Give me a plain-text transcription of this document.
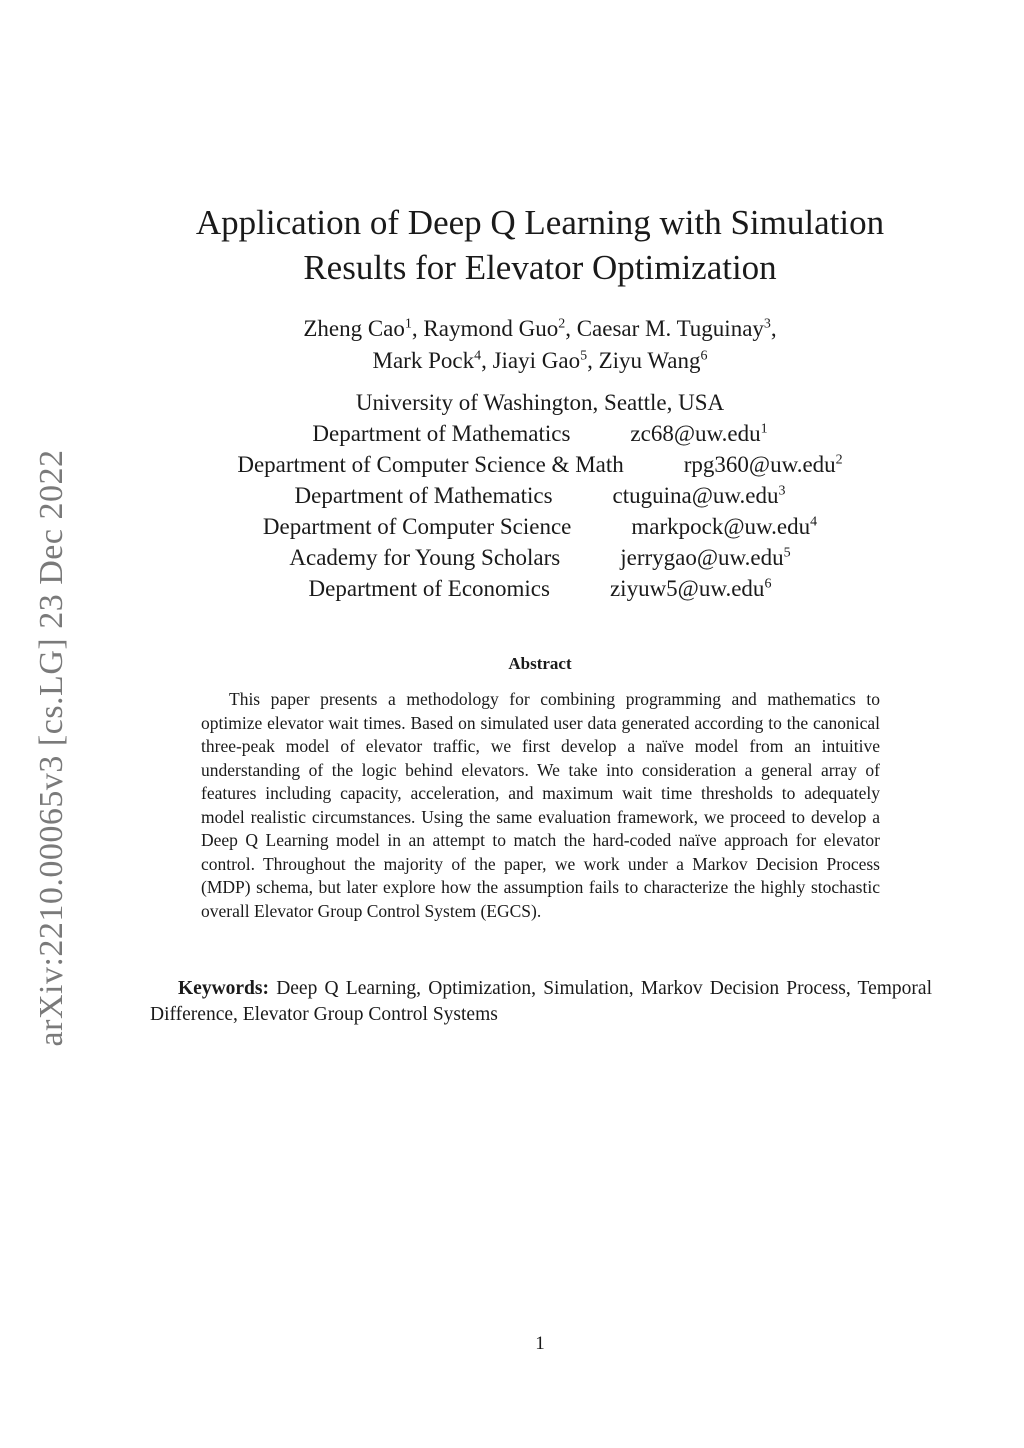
arXiv:2210.00065v3 [cs.LG] 23 Dec 2022
Application of Deep Q Learning with Simulation
Results for Elevator Optimization
Zheng Cao$^1$, Raymond Guo$^2$, Caesar M. Tuguinay$^3$,
Mark Pock$^4$, Jiayi Gao$^5$, Ziyu Wang$^6$
University of Washington, Seattle, USA
Department of Mathematics	zc68@uw.edu$^1$
Department of Computer Science & Math	rpg360@uw.edu$^2$
Department of Mathematics	ctuguina@uw.edu$^3$
Department of Computer Science	markpock@uw.edu$^4$
Academy for Young Scholars	jerrygao@uw.edu$^5$
Department of Economics	ziyuw5@uw.edu$^6$
Abstract
This paper presents a methodology for combining programming and mathematics to optimize elevator wait times. Based on simulated user data generated according to the canonical three-peak model of elevator traffic, we first develop a naïve model from an intuitive understanding of the logic behind elevators. We take into consideration a general array of features including capacity, acceleration, and maximum wait time thresholds to adequately model realistic circumstances. Using the same evaluation framework, we proceed to develop a Deep Q Learning model in an attempt to match the hard-coded naïve approach for elevator control. Throughout the majority of the paper, we work under a Markov Decision Process (MDP) schema, but later explore how the assumption fails to characterize the highly stochastic overall Elevator Group Control System (EGCS).
Keywords: Deep Q Learning, Optimization, Simulation, Markov Decision Process, Temporal Difference, Elevator Group Control Systems
1
